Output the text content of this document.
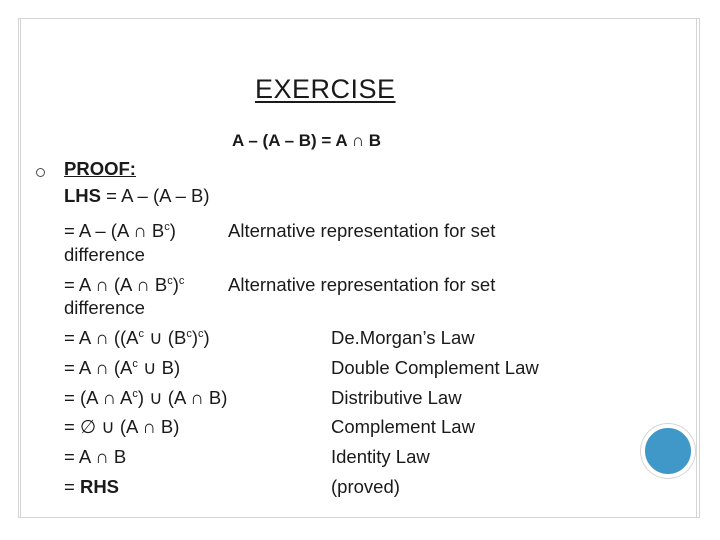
EXERCISE
A – (A – B) = A ∩ B
PROOF:
LHS = A – (A – B)
= A – (A ∩ $B^c$)	Alternative representation for set
difference
= A ∩ (A ∩ $B^c)^c$ Alternative representation for set
difference
= A ∩ (($A^c$ ∪ $(B^c)^c$)	De.Morgan’s Law
= A ∩ ($A^c$ ∪ B)	Double Complement Law
= (A ∩ $A^c$) ∪ (A ∩ B)	Distributive Law
= ∅ ∪ (A ∩ B)	Complement Law
= A ∩ B	Identity Law
= RHS	(proved)
